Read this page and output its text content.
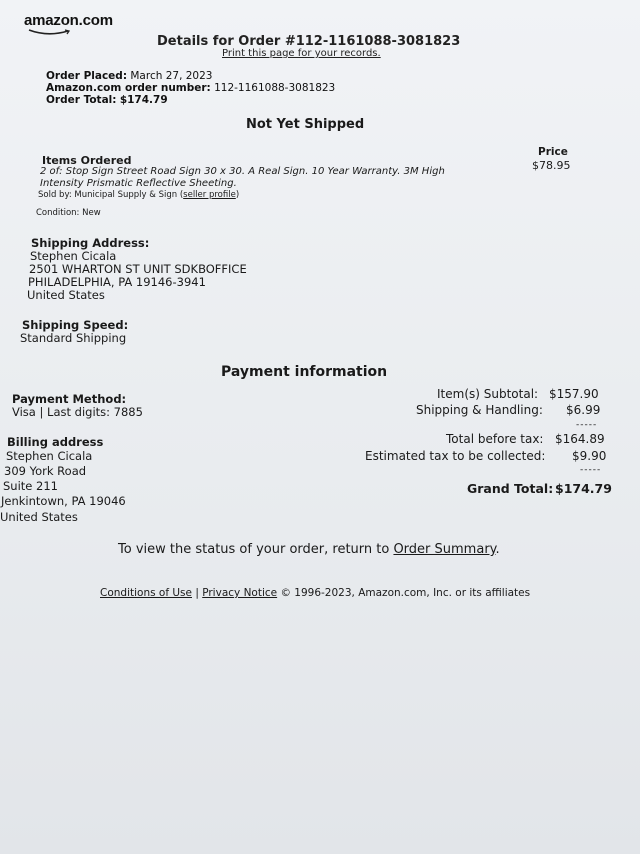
amazon.com
Details for Order #112-1161088-3081823
Print this page for your records.
Order Placed: March 27, 2023
Amazon.com order number: 112-1161088-3081823
Order Total: $174.79
Not Yet Shipped
Items Ordered
Price
$78.95
2 of: Stop Sign Street Road Sign 30 x 30. A Real Sign. 10 Year Warranty. 3M High
Intensity Prismatic Reflective Sheeting.
Sold by: Municipal Supply & Sign (seller profile)
Condition: New
Shipping Address:
Stephen Cicala
2501 WHARTON ST UNIT SDKBOFFICE
PHILADELPHIA, PA 19146-3941
United States
Shipping Speed:
Standard Shipping
Payment information
Payment Method:
Visa | Last digits: 7885
Billing address
Stephen Cicala
309 York Road
Suite 211
Jenkintown, PA 19046
United States
Item(s) Subtotal: $157.90
Shipping & Handling: $6.99
-----
Total before tax: $164.89
Estimated tax to be collected: $9.90
-----
Grand Total: $174.79
To view the status of your order, return to Order Summary.
Conditions of Use | Privacy Notice © 1996-2023, Amazon.com, Inc. or its affiliates
